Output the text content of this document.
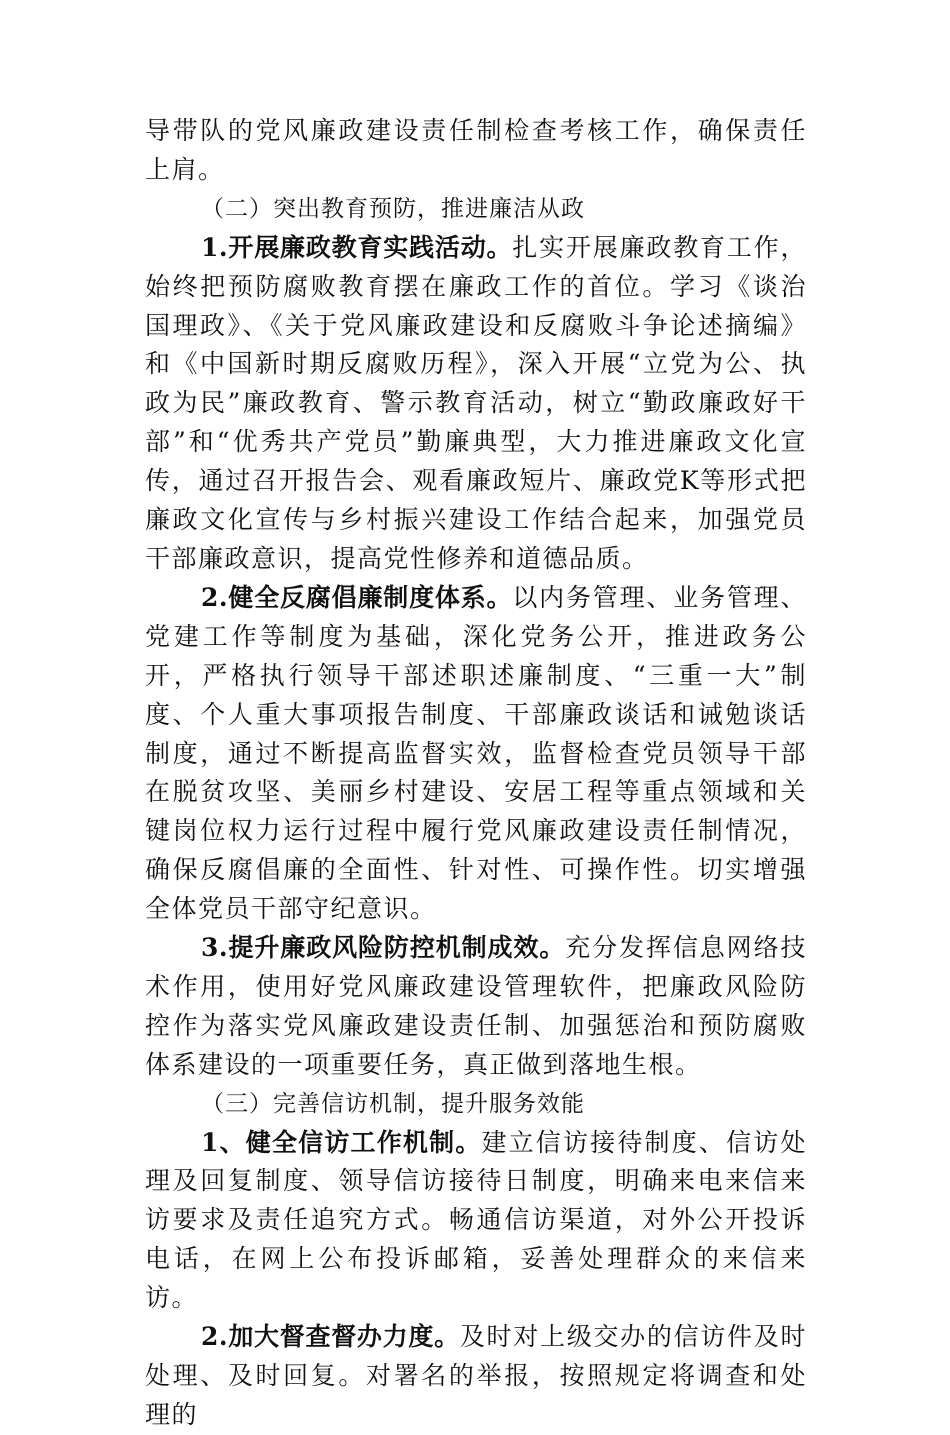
导带队的党风廉政建设责任制检查考核工作，确保责任上肩。

（二）突出教育预防，推进廉洁从政

1.开展廉政教育实践活动。扎实开展廉政教育工作，始终把预防腐败教育摆在廉政工作的首位。学习《谈治国理政》、《关于党风廉政建设和反腐败斗争论述摘编》和《中国新时期反腐败历程》，深入开展“立党为公、执政为民”廉政教育、警示教育活动，树立“勤政廉政好干部”和“优秀共产党员”勤廉典型，大力推进廉政文化宣传，通过召开报告会、观看廉政短片、廉政党K等形式把廉政文化宣传与乡村振兴建设工作结合起来，加强党员干部廉政意识，提高党性修养和道德品质。

2.健全反腐倡廉制度体系。以内务管理、业务管理、党建工作等制度为基础，深化党务公开，推进政务公开，严格执行领导干部述职述廉制度、“三重一大”制度、个人重大事项报告制度、干部廉政谈话和诫勉谈话制度，通过不断提高监督实效，监督检查党员领导干部在脱贫攻坚、美丽乡村建设、安居工程等重点领域和关键岗位权力运行过程中履行党风廉政建设责任制情况，确保反腐倡廉的全面性、针对性、可操作性。切实增强全体党员干部守纪意识。

3.提升廉政风险防控机制成效。充分发挥信息网络技术作用，使用好党风廉政建设管理软件，把廉政风险防控作为落实党风廉政建设责任制、加强惩治和预防腐败体系建设的一项重要任务，真正做到落地生根。

（三）完善信访机制，提升服务效能

1、健全信访工作机制。建立信访接待制度、信访处理及回复制度、领导信访接待日制度，明确来电来信来访要求及责任追究方式。畅通信访渠道，对外公开投诉电话，在网上公布投诉邮箱，妥善处理群众的来信来访。

2.加大督查督办力度。及时对上级交办的信访件及时处理、及时回复。对署名的举报，按照规定将调查和处理的
